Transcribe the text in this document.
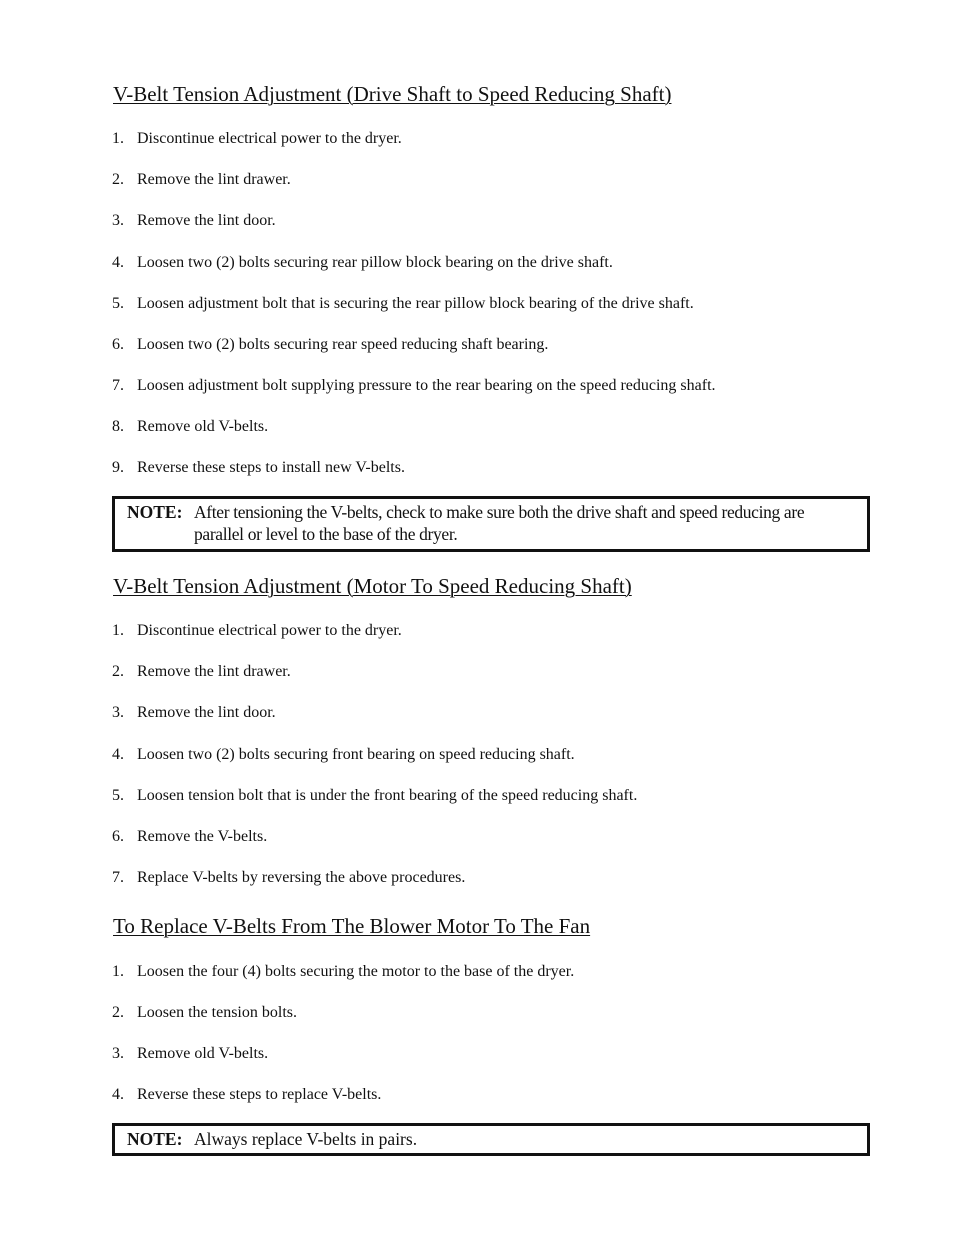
V-Belt Tension Adjustment (Drive Shaft to Speed Reducing Shaft)
1. Discontinue electrical power to the dryer.
2. Remove the lint drawer.
3. Remove the lint door.
4. Loosen two (2) bolts securing rear pillow block bearing on the drive shaft.
5. Loosen adjustment bolt that is securing the rear pillow block bearing of the drive shaft.
6. Loosen two (2) bolts securing rear speed reducing shaft bearing.
7. Loosen adjustment bolt supplying pressure to the rear bearing on the speed reducing shaft.
8. Remove old V-belts.
9. Reverse these steps to install new V-belts.
NOTE: After tensioning the V-belts, check to make sure both the drive shaft and speed reducing are parallel or level to the base of the dryer.
V-Belt Tension Adjustment (Motor To Speed Reducing Shaft)
1. Discontinue electrical power to the dryer.
2. Remove the lint drawer.
3. Remove the lint door.
4. Loosen two (2) bolts securing front bearing on speed reducing shaft.
5. Loosen tension bolt that is under the front bearing of the speed reducing shaft.
6. Remove the V-belts.
7. Replace V-belts by reversing the above procedures.
To Replace V-Belts From The Blower Motor To The Fan
1. Loosen the four (4) bolts securing the motor to the base of the dryer.
2. Loosen the tension bolts.
3. Remove old V-belts.
4. Reverse these steps to replace V-belts.
NOTE: Always replace V-belts in pairs.
